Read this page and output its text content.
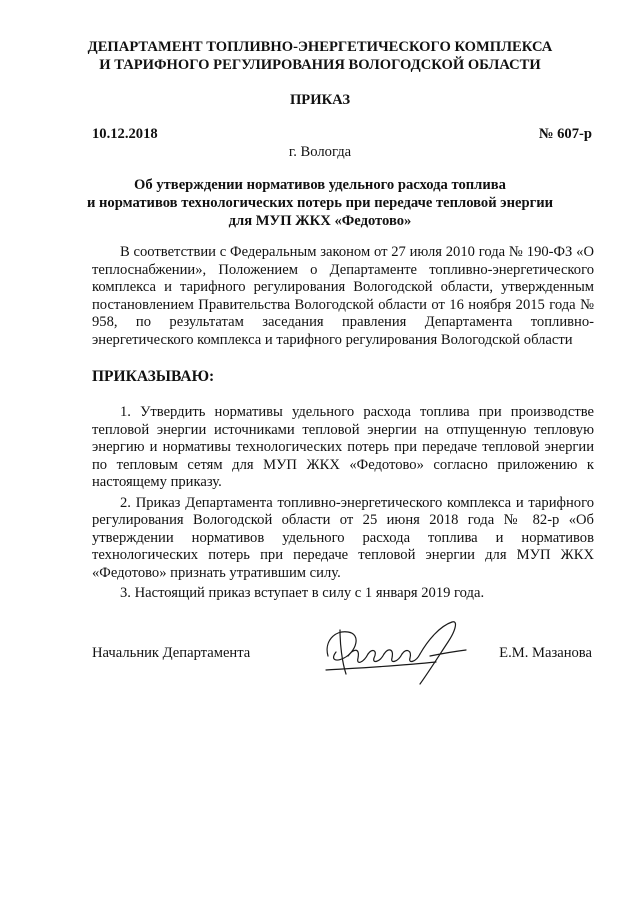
ДЕПАРТАМЕНТ ТОПЛИВНО-ЭНЕРГЕТИЧЕСКОГО КОМПЛЕКСА
И ТАРИФНОГО РЕГУЛИРОВАНИЯ ВОЛОГОДСКОЙ ОБЛАСТИ
ПРИКАЗ
10.12.2018	№ 607-р
г. Вологда
Об утверждении нормативов удельного расхода топлива
и нормативов технологических потерь при передаче тепловой энергии
для МУП ЖКХ «Федотово»
В соответствии с Федеральным законом от 27 июля 2010 года № 190-ФЗ «О теплоснабжении», Положением о Департаменте топливно-энергетического комплекса и тарифного регулирования Вологодской области, утвержденным постановлением Правительства Вологодской области от 16 ноября 2015 года № 958, по результатам заседания правления Департамента топливно-энергетического комплекса и тарифного регулирования Вологодской области
ПРИКАЗЫВАЮ:

1. Утвердить нормативы удельного расхода топлива при производстве тепловой энергии источниками тепловой энергии на отпущенную тепловую энергию и нормативы технологических потерь при передаче тепловой энергии по тепловым сетям для МУП ЖКХ «Федотово» согласно приложению к настоящему приказу.

2. Приказ Департамента топливно-энергетического комплекса и тарифного регулирования Вологодской области от 25 июня 2018 года № 82-р «Об утверждении нормативов удельного расхода топлива и нормативов технологических потерь при передаче тепловой энергии для МУП ЖКХ «Федотово» признать утратившим силу.

3. Настоящий приказ вступает в силу с 1 января 2019 года.

Начальник Департамента	Е.М. Мазанова
